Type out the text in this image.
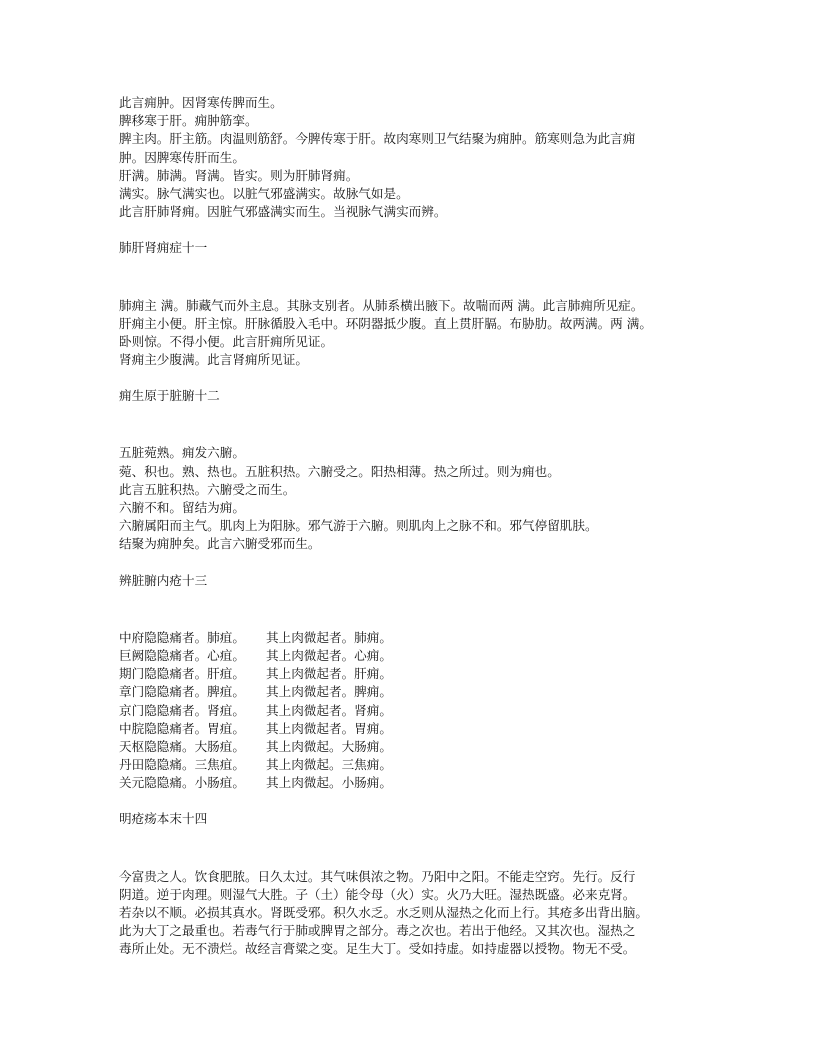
此言痈肿。因肾寒传脾而生。
脾移寒于肝。痈肿筋挛。
脾主肉。肝主筋。肉温则筋舒。今脾传寒于肝。故肉寒则卫气结聚为痈肿。筋寒则急为此言痈
肿。因脾寒传肝而生。
肝满。肺满。肾满。皆实。则为肝肺肾痈。
满实。脉气满实也。以脏气邪盛满实。故脉气如是。
此言肝肺肾痈。因脏气邪盛满实而生。当视脉气满实而辨。
肺肝肾痈症十一
肺痈主 满。肺藏气而外主息。其脉支别者。从肺系横出腋下。故喘而两 满。此言肺痈所见症。
肝痈主小便。肝主惊。肝脉循股入毛中。环阴器抵少腹。直上贯肝膈。布胁肋。故两满。两 满。
卧则惊。不得小便。此言肝痈所见证。
肾痈主少腹满。此言肾痈所见证。
痈生原于脏腑十二
五脏菀熟。痈发六腑。
菀、积也。熟、热也。五脏积热。六腑受之。阳热相薄。热之所过。则为痈也。
此言五脏积热。六腑受之而生。
六腑不和。留结为痈。
六腑属阳而主气。肌肉上为阳脉。邪气游于六腑。则肌肉上之脉不和。邪气停留肌肤。
结聚为痈肿矣。此言六腑受邪而生。
辨脏腑内疮十三
中府隐隐痛者。肺疽。 其上肉微起者。肺痈。
巨阙隐隐痛者。心疽。 其上肉微起者。心痈。
期门隐隐痛者。肝疽。 其上肉微起者。肝痈。
章门隐隐痛者。脾疽。 其上肉微起者。脾痈。
京门隐隐痛者。肾疽。 其上肉微起者。肾痈。
中脘隐隐痛者。胃疽。 其上肉微起者。胃痈。
天枢隐隐痛。大肠疽。 其上肉微起。大肠痈。
丹田隐隐痛。三焦疽。 其上肉微起。三焦痈。
关元隐隐痛。小肠疽。 其上肉微起。小肠痈。
明疮疡本末十四
今富贵之人。饮食肥脓。日久太过。其气味俱浓之物。乃阳中之阳。不能走空窍。先行。反行
阴道。逆于肉理。则湿气大胜。子（土）能令母（火）实。火乃大旺。湿热既盛。必来克肾。
若杂以不顺。必损其真水。肾既受邪。积久水乏。水乏则从湿热之化而上行。其疮多出背出脑。
此为大丁之最重也。若毒气行于肺或脾胃之部分。毒之次也。若出于他经。又其次也。湿热之
毒所止处。无不溃烂。故经言膏粱之变。足生大丁。受如持虚。如持虚器以授物。物无不受。
